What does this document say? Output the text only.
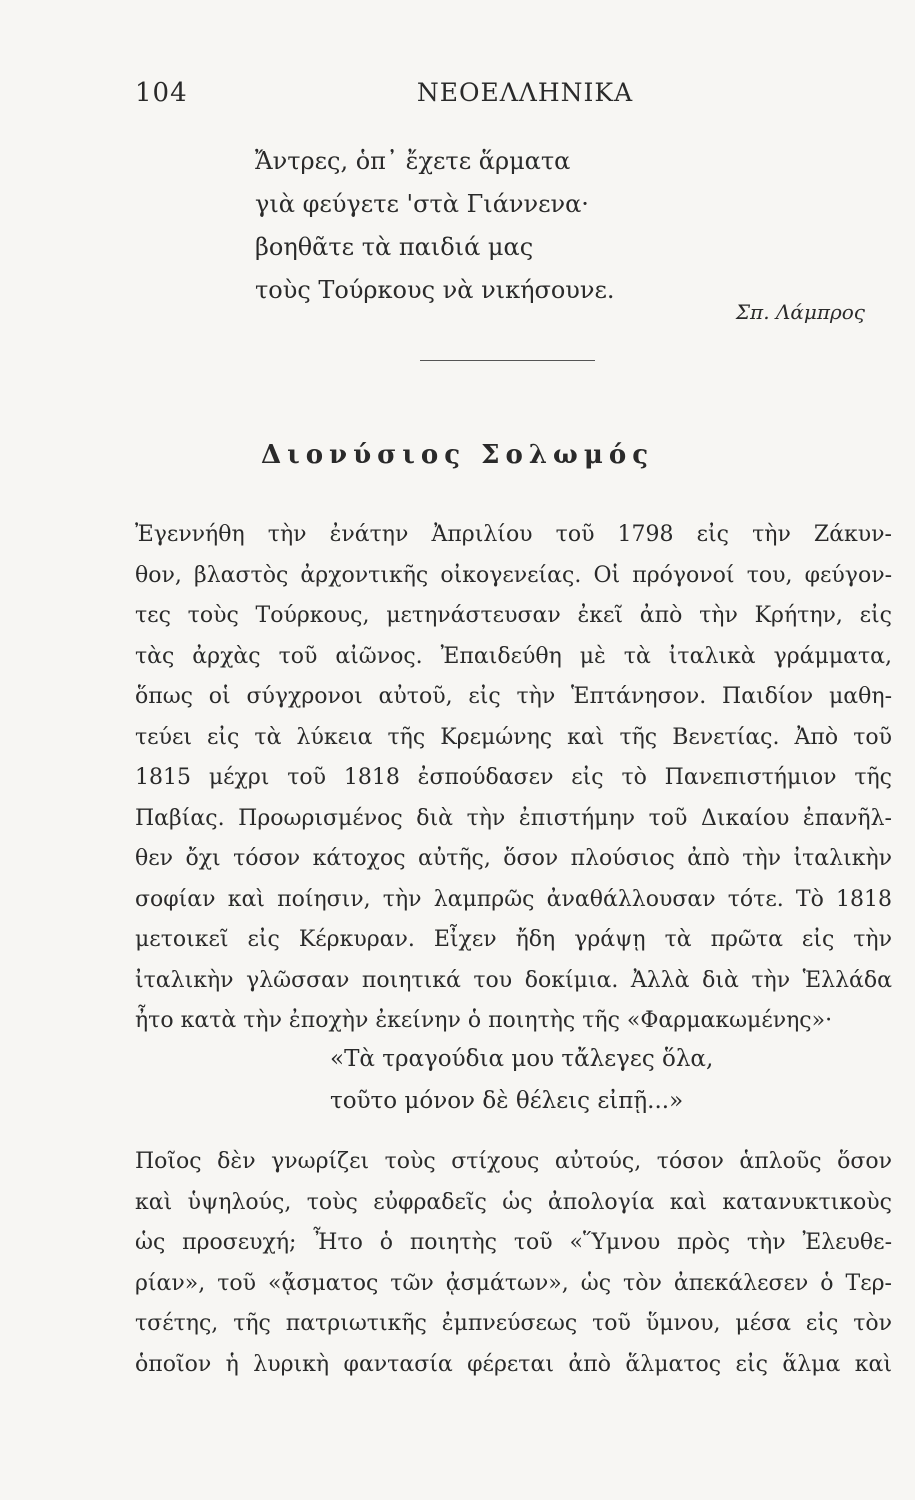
104	ΝΕΟΕΛΛΗΝΙΚΑ
Ἄντρες, ὁπ᾽ ἔχετε ἅρματα
γιὰ φεύγετε 'στὰ Γιάννενα·
βοηθᾶτε τὰ παιδιά μας
τοὺς Τούρκους νὰ νικήσουνε.
Σπ. Λάμπρος
Διονύσιος Σολωμός
Ἐγεννήθη τὴν ἐνάτην Ἀπριλίου τοῦ 1798 εἰς τὴν Ζάκυν-
θον, βλαστὸς ἀρχοντικῆς οἰκογενείας. Οἱ πρόγονοί του, φεύγον-
τες τοὺς Τούρκους, μετηνάστευσαν ἐκεῖ ἀπὸ τὴν Κρήτην, εἰς
τὰς ἀρχὰς τοῦ αἰῶνος. Ἐπαιδεύθη μὲ τὰ ἰταλικὰ γράμματα,
ὅπως οἱ σύγχρονοι αὐτοῦ, εἰς τὴν Ἑπτάνησον. Παιδίον μαθη-
τεύει εἰς τὰ λύκεια τῆς Κρεμώνης καὶ τῆς Βενετίας. Ἀπὸ τοῦ
1815 μέχρι τοῦ 1818 ἐσπούδασεν εἰς τὸ Πανεπιστήμιον τῆς
Παβίας. Προωρισμένος διὰ τὴν ἐπιστήμην τοῦ Δικαίου ἐπανῆλ-
θεν ὄχι τόσον κάτοχος αὐτῆς, ὅσον πλούσιος ἀπὸ τὴν ἰταλικὴν
σοφίαν καὶ ποίησιν, τὴν λαμπρῶς ἀναθάλλουσαν τότε. Τὸ 1818
μετοικεῖ εἰς Κέρκυραν. Εἶχεν ἤδη γράψῃ τὰ πρῶτα εἰς τὴν
ἰταλικὴν γλῶσσαν ποιητικά του δοκίμια. Ἀλλὰ διὰ τὴν Ἑλλάδα
ἦτο κατὰ τὴν ἐποχὴν ἐκείνην ὁ ποιητὴς τῆς «Φαρμακωμένης»·
«Τὰ τραγούδια μου τἄλεγες ὅλα,
τοῦτο μόνον δὲ θέλεις εἰπῇ...»
Ποῖος δὲν γνωρίζει τοὺς στίχους αὐτούς, τόσον ἁπλοῦς ὅσον
καὶ ὑψηλούς, τοὺς εὐφραδεῖς ὡς ἀπολογία καὶ κατανυκτικοὺς
ὡς προσευχή; Ἦτο ὁ ποιητὴς τοῦ «Ὕμνου πρὸς τὴν Ἐλευθε-
ρίαν», τοῦ «ᾄσματος τῶν ᾀσμάτων», ὡς τὸν ἀπεκάλεσεν ὁ Τερ-
τσέτης, τῆς πατριωτικῆς ἐμπνεύσεως τοῦ ὕμνου, μέσα εἰς τὸν
ὁποῖον ἡ λυρικὴ φαντασία φέρεται ἀπὸ ἅλματος εἰς ἅλμα καὶ
